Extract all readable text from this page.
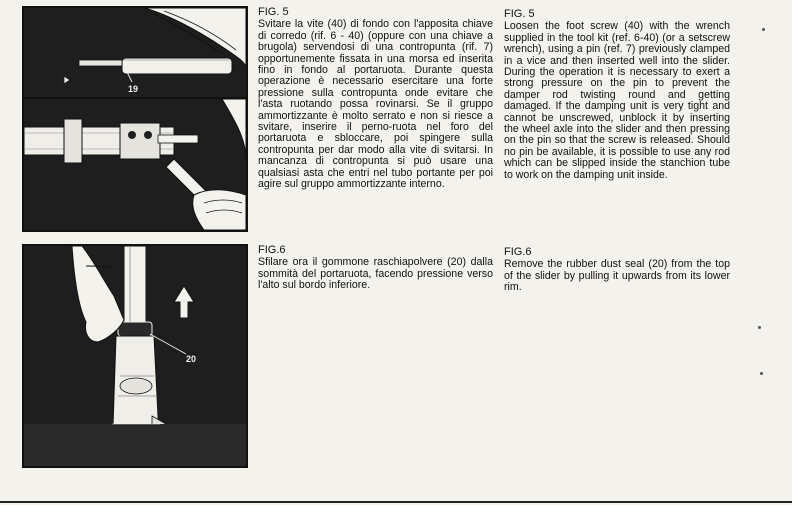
19
20
FIG. 5
Svitare la vite (40) di fondo con l'apposita chiave di corredo (rif. 6 - 40) (oppure con una chiave a brugola) servendosi di una contropunta (rif. 7) opportunemente fissata in una morsa ed inserita fino in fondo al portaruota. Durante questa operazione è necessario esercitare una forte pressione sulla contropunta onde evitare che l'asta ruotando possa rovinarsi. Se il gruppo ammortizzante è molto serrato e non si riesce a svitare, inserire il perno-ruota nel foro del portaruota e sbloccare, poi spingere sulla contropunta per dar modo alla vite di svitarsi. In mancanza di contropunta si può usare una qualsiasi asta che entri nel tubo portante per poi agire sul gruppo ammortizzante interno.
FIG. 5
Loosen the foot screw (40) with the wrench supplied in the tool kit (ref. 6-40) (or a setscrew wrench), using a pin (ref. 7) previously clamped in a vice and then inserted well into the slider. During the operation it is necessary to exert a strong pressure on the pin to prevent the damper rod twisting round and getting damaged. If the damping unit is very tight and cannot be unscrewed, unblock it by inserting the wheel axle into the slider and then pressing on the pin so that the screw is released. Should no pin be available, it is possible to use any rod which can be slipped inside the stanchion tube to work on the damping unit inside.
FIG.6
Sfilare ora il gommone raschiapolvere (20) dalla sommità del portaruota, facendo pressione verso l'alto sul bordo inferiore.
FIG.6
Remove the rubber dust seal (20) from the top of the slider by pulling it upwards from its lower rim.
